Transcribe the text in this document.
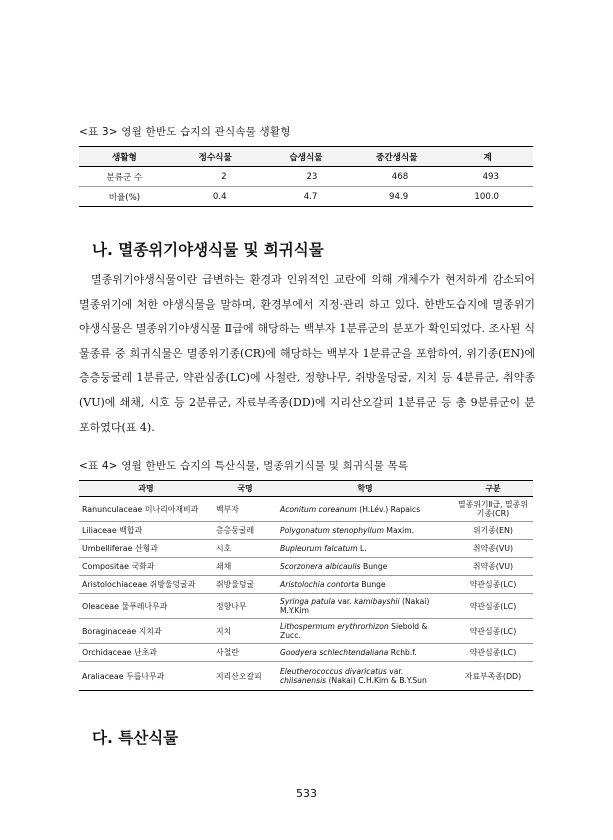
<표 3> 영월 한반도 습지의 관식속물 생활형
생활형	정수식물	습생식물	중간생식물	계
분류군 수	2	23	468	493
비율(%)	0.4	4.7	94.9	100.0
나. 멸종위기야생식물 및 희귀식물

멸종위기야생식물이란 급변하는 환경과 인위적인 교란에 의해 개체수가 현저하게 감소되어 멸종위기에 처한 야생식물을 말하며, 환경부에서 지정·관리 하고 있다. 한반도습지에 멸종위기야생식물은 멸종위기야생식물 Ⅱ급에 해당하는 백부자 1분류군의 분포가 확인되었다. 조사된 식물종류 중 희귀식물은 멸종위기종(CR)에 해당하는 백부자 1분류군을 포함하여, 위기종(EN)에 층층둥굴레 1분류군, 약관심종(LC)에 사철란, 정향나무, 쥐방울덩굴, 지치 등 4분류군, 취약종(VU)에 쇄채, 시호 등 2분류군, 자료부족종(DD)에 지리산오갈피 1분류군 등 총 9분류군이 분포하였다(표 4).

<표 4> 영월 한반도 습지의 특산식물, 멸종위기식물 및 희귀식물 목록
과명	국명	학명	구분
Ranunculaceae 미나리아재비과	백부자	Aconitum coreanum (H.Lév.) Rapaics	멸종위기Ⅱ급, 멸종위기종(CR)
Liliaceae 백합과	층층둥굴레	Polygonatum stenophyllum Maxim.	위기종(EN)
Umbelliferae 산형과	시호	Bupleurum falcatum L.	취약종(VU)
Compositae 국화과	쇄채	Scorzonera albicaulis Bunge	취약종(VU)
Aristolochiaceae 쥐방울덩굴과	쥐방울덩굴	Aristolochia contorta Bunge	약관심종(LC)
Oleaceae 물푸레나무과	정향나무	Syringa patula var. kamibayshii (Nakai) M.Y.Kim	약관심종(LC)
Boraginaceae 지치과	지치	Lithospermum erythrorhizon Siebold & Zucc.	약관심종(LC)
Orchidaceae 난초과	사철란	Goodyera schlechtendaliana Rchb.f.	약관심종(LC)
Araliaceae 두릅나무과	지리산오갈피	Eleutherococcus divaricatus var. chiisanensis (Nakai) C.H.Kim & B.Y.Sun	자료부족종(DD)
다. 특산식물
533
